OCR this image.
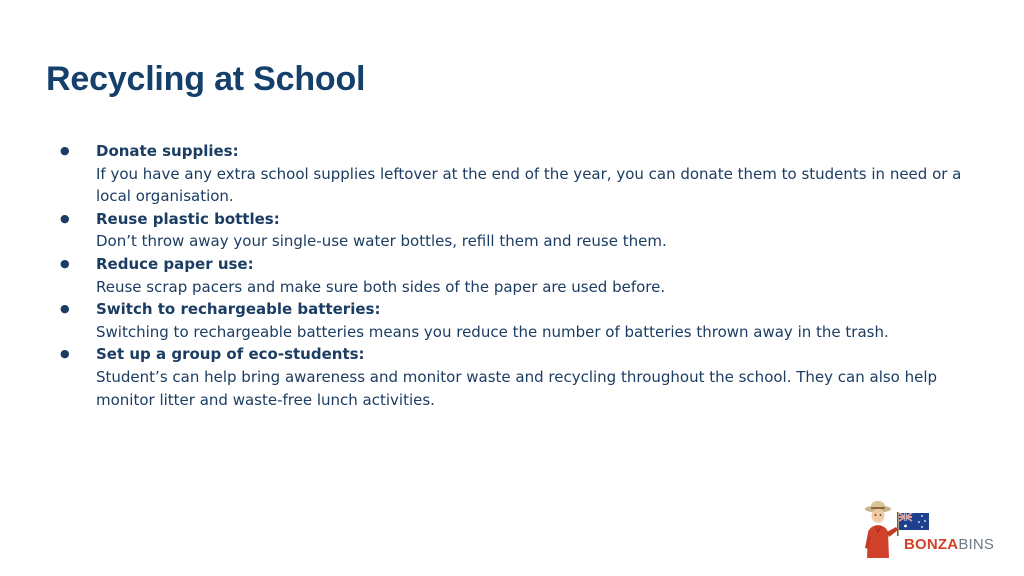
Recycling at School
● Donate supplies:
If you have any extra school supplies leftover at the end of the year, you can donate them to students in need or a local organisation.
● Reuse plastic bottles:
Don’t throw away your single-use water bottles, refill them and reuse them.
● Reduce paper use:
Reuse scrap pacers and make sure both sides of the paper are used before.
● Switch to rechargeable batteries:
Switching to rechargeable batteries means you reduce the number of batteries thrown away in the trash.
● Set up a group of eco-students:
Student’s can help bring awareness and monitor waste and recycling throughout the school. They can also help monitor litter and waste-free lunch activities.
BONZABINS
